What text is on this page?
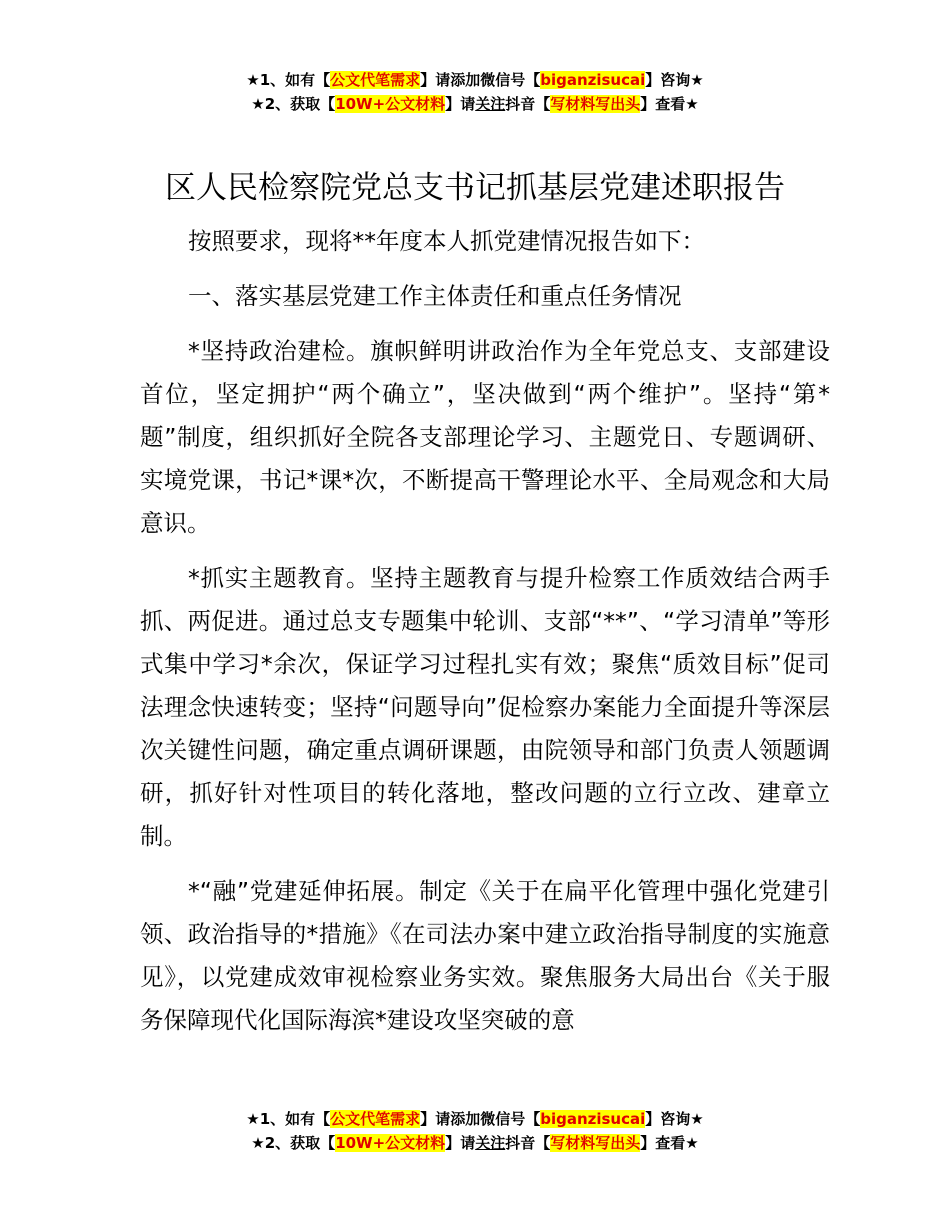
★1、如有【公文代笔需求】请添加微信号【biganzisucai】咨询★
★2、获取【10W+公文材料】请关注抖音【写材料写出头】查看★
区人民检察院党总支书记抓基层党建述职报告

按照要求，现将**年度本人抓党建情况报告如下：

一、落实基层党建工作主体责任和重点任务情况

*坚持政治建检。旗帜鲜明讲政治作为全年党总支、支部建设首位，坚定拥护“两个确立”，坚决做到“两个维护”。坚持“第*题”制度，组织抓好全院各支部理论学习、主题党日、专题调研、实境党课，书记*课*次，不断提高干警理论水平、全局观念和大局意识。

*抓实主题教育。坚持主题教育与提升检察工作质效结合两手抓、两促进。通过总支专题集中轮训、支部“**”、“学习清单”等形式集中学习*余次，保证学习过程扎实有效；聚焦“质效目标”促司法理念快速转变；坚持“问题导向”促检察办案能力全面提升等深层次关键性问题，确定重点调研课题，由院领导和部门负责人领题调研，抓好针对性项目的转化落地，整改问题的立行立改、建章立制。

*“融”党建延伸拓展。制定《关于在扁平化管理中强化党建引领、政治指导的*措施》《在司法办案中建立政治指导制度的实施意见》，以党建成效审视检察业务实效。聚焦服务大局出台《关于服务保障现代化国际海滨*建设攻坚突破的意

★1、如有【公文代笔需求】请添加微信号【biganzisucai】咨询★
★2、获取【10W+公文材料】请关注抖音【写材料写出头】查看★
